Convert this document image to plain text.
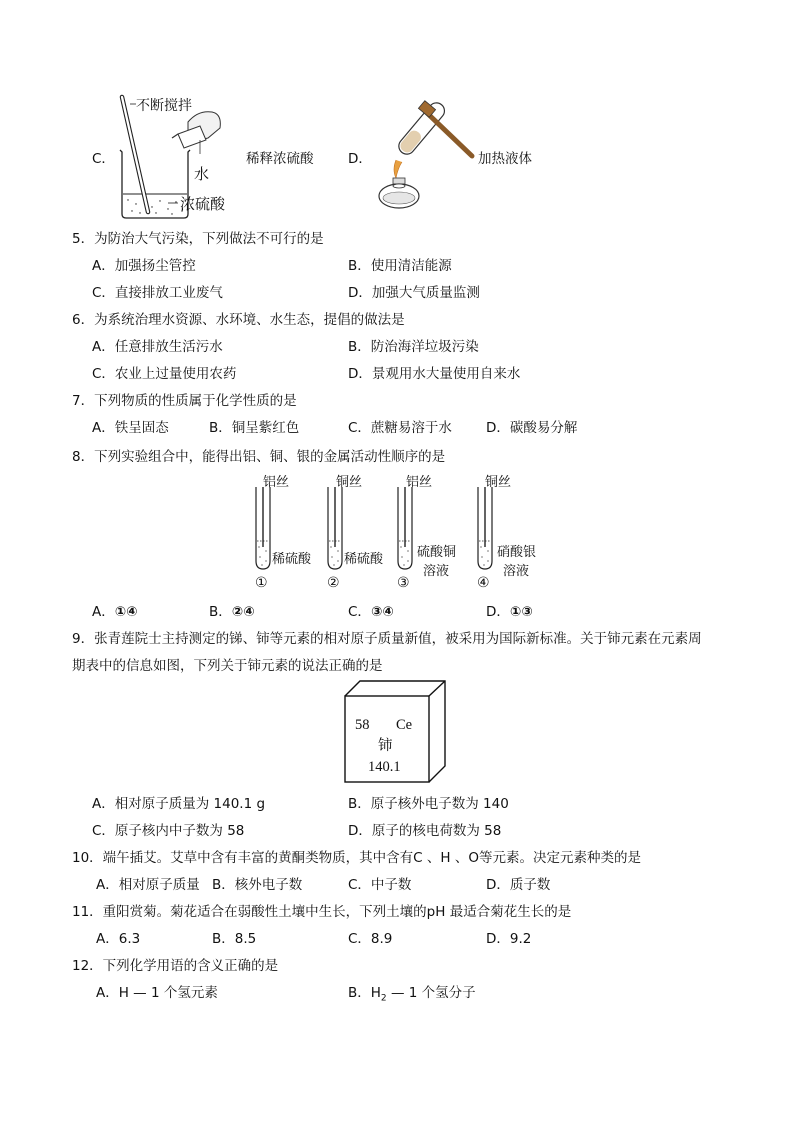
C．
不断搅拌
水
浓硫酸
稀释浓硫酸	D．	加热液体
5．为防治大气污染，下列做法不可行的是
A．加强扬尘管控	B．使用清洁能源
C．直接排放工业废气	D．加强大气质量监测
6．为系统治理水资源、水环境、水生态，提倡的做法是
A．任意排放生活污水	B．防治海洋垃圾污染
C．农业上过量使用农药	D．景观用水大量使用自来水
7．下列物质的性质属于化学性质的是
A．铁呈固态	B．铜呈紫红色	C．蔗糖易溶于水	D．碳酸易分解
8．下列实验组合中，能得出铝、铜、银的金属活动性顺序的是
铝丝
稀硫酸
①
铜丝
稀硫酸
②
铝丝
硫酸铜
溶液
③
铜丝
硝酸银
溶液
④
A．①④	B．②④	C．③④	D．①③
9．张青莲院士主持测定的锑、铈等元素的相对原子质量新值，被采用为国际新标准。关于铈元素在元素周
期表中的信息如图，下列关于铈元素的说法正确的是
58 Ce
铈
140.1
A．相对原子质量为 140.1 g	B．原子核外电子数为 140
C．原子核内中子数为 58	D．原子的核电荷数为 58
10．端午插艾。艾草中含有丰富的黄酮类物质，其中含有C 、H 、O等元素。决定元素种类的是
A．相对原子质量 B．核外电子数	C．中子数	D．质子数
11．重阳赏菊。菊花适合在弱酸性土壤中生长，下列土壤的pH 最适合菊花生长的是
A．6.3	B．8.5	C．8.9	D．9.2
12．下列化学用语的含义正确的是
A．H — 1 个氢元素	B．$H_2$ — 1 个氢分子
